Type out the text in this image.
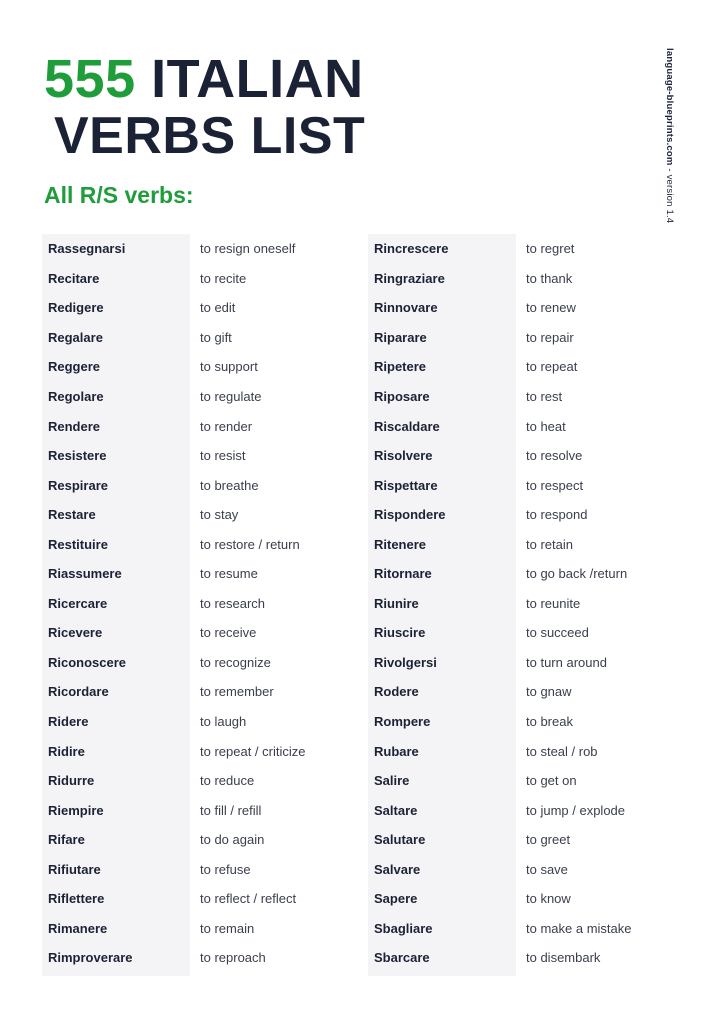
555 ITALIAN
VERBS LIST
All R/S verbs:
language-blueprints.com - version 1.4
Rassegnarsi
Recitare
Redigere
Regalare
Reggere
Regolare
Rendere
Resistere
Respirare
Restare
Restituire
Riassumere
Ricercare
Ricevere
Riconoscere
Ricordare
Ridere
Ridire
Ridurre
Riempire
Rifare
Rifiutare
Riflettere
Rimanere
Rimproverare
to resign oneself
to recite
to edit
to gift
to support
to regulate
to render
to resist
to breathe
to stay
to restore / return
to resume
to research
to receive
to recognize
to remember
to laugh
to repeat / criticize
to reduce
to fill / refill
to do again
to refuse
to reflect / reflect
to remain
to reproach
Rincrescere
Ringraziare
Rinnovare
Riparare
Ripetere
Riposare
Riscaldare
Risolvere
Rispettare
Rispondere
Ritenere
Ritornare
Riunire
Riuscire
Rivolgersi
Rodere
Rompere
Rubare
Salire
Saltare
Salutare
Salvare
Sapere
Sbagliare
Sbarcare
to regret
to thank
to renew
to repair
to repeat
to rest
to heat
to resolve
to respect
to respond
to retain
to go back /return
to reunite
to succeed
to turn around
to gnaw
to break
to steal / rob
to get on
to jump / explode
to greet
to save
to know
to make a mistake
to disembark
